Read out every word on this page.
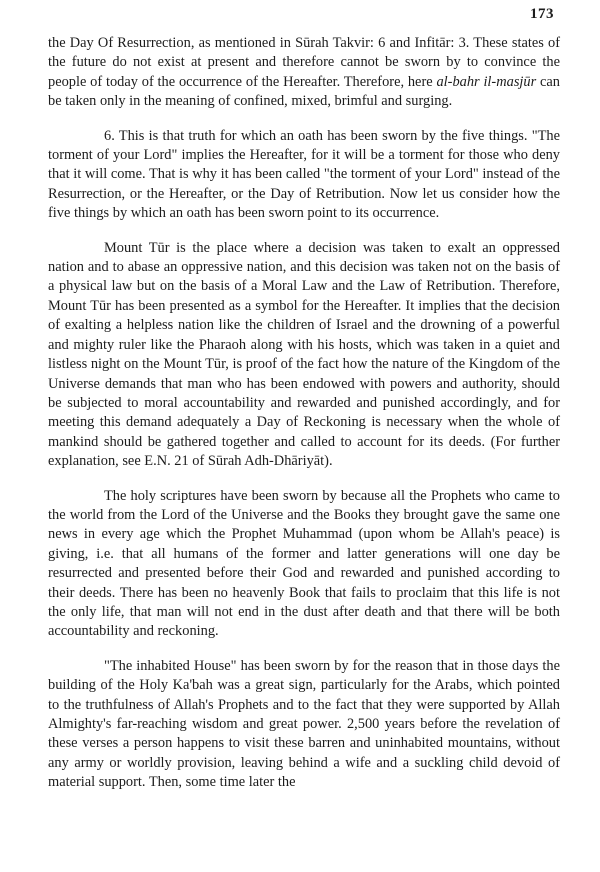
173

the Day Of Resurrection, as mentioned in Sūrah Takvir: 6 and Infitār: 3. These states of the future do not exist at present and therefore cannot be sworn by to convince the people of today of the occurrence of the Hereafter. Therefore, here al-bahr il-masjūr can be taken only in the meaning of confined, mixed, brimful and surging.

6. This is that truth for which an oath has been sworn by the five things. "The torment of your Lord" implies the Hereafter, for it will be a torment for those who deny that it will come. That is why it has been called "the torment of your Lord" instead of the Resurrection, or the Hereafter, or the Day of Retribution. Now let us consider how the five things by which an oath has been sworn point to its occurrence.

Mount Tūr is the place where a decision was taken to exalt an oppressed nation and to abase an oppressive nation, and this decision was taken not on the basis of a physical law but on the basis of a Moral Law and the Law of Retribution. Therefore, Mount Tūr has been presented as a symbol for the Hereafter. It implies that the decision of exalting a helpless nation like the children of Israel and the drowning of a powerful and mighty ruler like the Pharaoh along with his hosts, which was taken in a quiet and listless night on the Mount Tūr, is proof of the fact how the nature of the Kingdom of the Universe demands that man who has been endowed with powers and authority, should be subjected to moral accountability and rewarded and punished accordingly, and for meeting this demand adequately a Day of Reckoning is necessary when the whole of mankind should be gathered together and called to account for its deeds. (For further explanation, see E.N. 21 of Sūrah Adh-Dhāriyāt).

The holy scriptures have been sworn by because all the Prophets who came to the world from the Lord of the Universe and the Books they brought gave the same one news in every age which the Prophet Muhammad (upon whom be Allah's peace) is giving, i.e. that all humans of the former and latter generations will one day be resurrected and presented before their God and rewarded and punished according to their deeds. There has been no heavenly Book that fails to proclaim that this life is not the only life, that man will not end in the dust after death and that there will be both accountability and reckoning.

"The inhabited House" has been sworn by for the reason that in those days the building of the Holy Ka'bah was a great sign, particularly for the Arabs, which pointed to the truthfulness of Allah's Prophets and to the fact that they were supported by Allah Almighty's far-reaching wisdom and great power. 2,500 years before the revelation of these verses a person happens to visit these barren and uninhabited mountains, without any army or worldly provision, leaving behind a wife and a suckling child devoid of material support. Then, some time later the
